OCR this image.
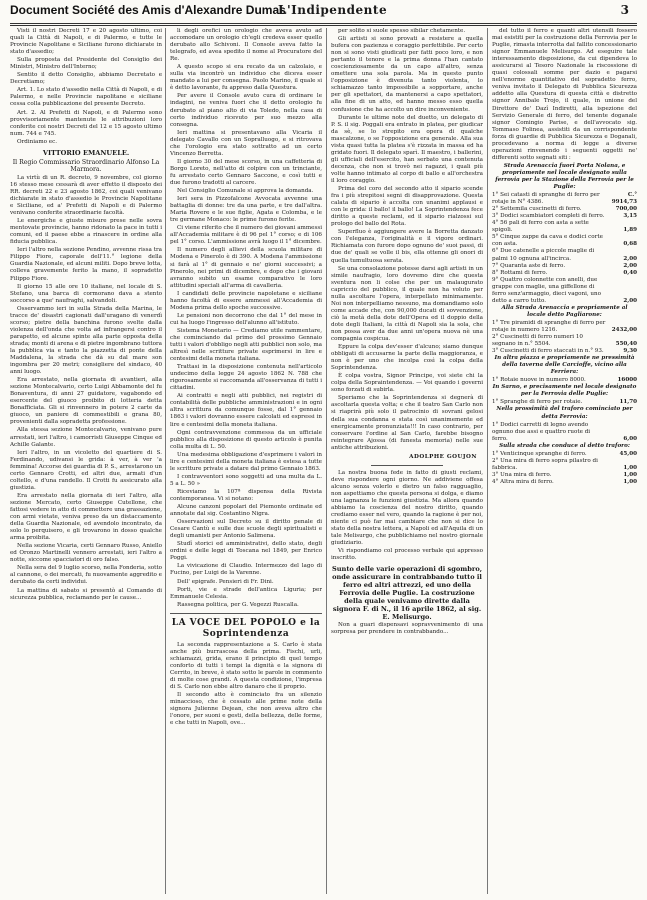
Document Société des Amis d'Alexandre Dumas
L'Indipendente	3

Visti il nostri Decreti 17 e 20 agosto ultimo, coi quali la Città di Napoli, e di Palermo, e tutte le Provincie Napolitane e Siciliane furono dichiarate in stato d'assedio;

Sulla proposta del Presidente del Consiglio dei Ministri, Ministro dell'Interno;

Sentito il detto Consiglio, abbiamo Decretato e Decretiamo;

Art. 1. Lo stato d'assedio nella Città di Napoli, e di Palermo, e nelle Provincie napolitane e siciliane cessa colla pubblicazione del presente Decreto.

Art. 2. Al Prefetti di Napoli, e di Palermo sono provvisoriamente mantenute le attribuzioni loro conferite coi nostri Decreti del 12 e 15 agosto ultimo num. 744 e 745.

Ordiniamo ec.

VITTORIO EMANUELE.

Il Regio Commissario Straordinario Alfonso La Marmora.

La virtù di un R. decreto, 9 novembre, col giorno 16 stesso mese cessarà di aver effetto il disposto dei RR. decreti 22 e 23 agosto 1862, coi quali venivano dichiarate in stato d'assedio le Provincie Napolitane e Siciliane, ed a' Prefetti di Napoli e di Palermo venivano conferite straordinarie facoltà.

Le energiche e giuste misure prese nelle sovra mentovate provincie, hanno ridonato la pace in tutti i comuni, ed il paese ebbe a rinascere in ordine alla fiducia pubblica.

Ieri l'altro nella sezione Pendino, avvenne rissa tra Filippo Fiore, caporale dell'11.° legione della Guardia Nazionale, ed alcuni militi. Dopo breve lotta, colleva gravemente ferito la mano, il sopradetto Filippo Fiore.

Il giorno 15 alle ore 10 italiane, nel locale di S. Stefano, una barca di cormorano dava a stento soccorso a que' naufraghi, salvandoli.

Osservammo ieri in sulla Strada della Marina, le tracce de' disastri cagionati dall'uragano di venerdì scorso; pietre della banchina furono svelte dalla violenza dell'onda che volta ad infrangersi contro il parapetto, ed alcune spinte alla parte opposta della strada; monti di arena e di pietre ingombrano tuttora la pubblica via e tanto la piazzetta di ponte della Maddalena, la strada che dà su dal mare son ingombra per 20 metri; consigliere del sindaco, 40 anni luogo.

Era arrestato, nella giornata di avantieri, alla sezione Montecalvario, certo Luigi Abbamonte del fu Bonaventura, di anni 27 guidatore, vagabondo ed esercente del giuoco proibito di lotteria detta Bonafficiata. Gli si rinvennero in potere 2 carte da giuoco, un paniere di commestibili e grana 80, provenienti dalla sopradetta professione.

Alla stessa sezione Montecalvario, venivano pure arrestati, ieri l'altro, i camorristi Giuseppe Cinque ed Achille Galante.

Ieri l'altro, in un vicoletto del quartiere di S. Ferdinando, udivansi le grida: à ver, à ver 'a femmina! Accorse dei guardia di P. S., arrestarono un certo Gennaro Crotti, ed altri due, armati d'un coltello, e d'una randello. Il Crotti fu assicurato alla giustizia.

Era arrestato nella giornata di ieri l'altro, alla sezione Mercato, certo Giuseppe Cutellone, che fattosi vedere in atto di commettere una grassazione, con armi vietate, veniva preso da un distaccamento della Guardia Nazionale, ed avendolo incontrato, da solo lo perquisero, e gli trovarono in dosso qualche arma proibita.

Nella sezione Vicaria, certi Gennaro Russo, Aniello ed Oronzo Martinelli vennero arrestati, ieri l'altro a notte, siccome spacciatori di oro falso.

Nella sera del 9 luglio scorso, nella Fonderia, sotto al cannone, o dei mercati, fu nuovamente aggredito e derubato da certi individui.

La mattina di sabato si presentò al Comando di sicurezza pubblica, reclamando per le cause...

li degli orefici un orologio che aveva avuto ad accomodare un orologio ch'egli credeva esser quello derubato allo Schivoni. Il Console aveva fatto la telegrafo, ed avea spedito il nome al Procuratore del Re.

A questo scopo si era recato da un calzolaio, e sulla via incontrò un individuo che diceva esser mandato a lui per consegna. Paolo Marino, il quale si è detto lavorante, fu appreso dalla Questura.

Per avere il Console avuto cura di ordinare le indagini, ne veniva fuori che il detto orologio fu derubato al piano alto di via Toledo, nella casa di certo individuo ricevuto per suo mezzo alla consegna.

Ieri mattina si presentavano alla Vicaria il delegato Cavallo con un Sopralluogo, e si ritrovava che l'orologio era stato sottratto ad un certo Vincenzo Berretta.

Il giorno 30 del mese scorso, in una caffetteria di Borgo Loreto, nell'atto di colpire con un trinciante, fu arrestato certo Gennaro Saccone, e così tutti e due furono tradotti al carcere.

Nel Consiglio Comunale si approva la domanda.

Ieri sera in Pizzofalcone Avvocata avvenne una battaglia di donne: tre da una parte, e tre dall'altra. Maria Rovere e le sue figlie, Agata e Colomba, e le tre germane Monaco: le prime furono ferite.

Ci viene riferito che il numero dei giovani ammessi all'Accademia militare è di 96 pel 1° corso; e di 106 pel 1° corso. L'ammissione avrà luogo il 1° dicembre.

Il numero degli allievi della scuola militare di Modena e Pinerolo è di 390. A Modena l'ammissione si farà al 1° di gennaio e ne' giorni successivi; a Pinerolo, nei primi di dicembre, e dopo che i giovani avranno subìto un esame comparativo le loro attitudini speciali all'arma di cavalleria.

I candidati delle provincie napoletane e siciliane hanno facoltà di essere ammessi all'Accademia di Modena prima dello spoche successive.

Le pensioni non decorrono che dal 1° del mese in cui ha luogo l'ingresso dell'alunno all'istituto.

Sistema Monetario — Crediamo utile rammentare, che cominciando dal primo del prossimo Gennaio tutti i valori d'obbligo negli atti pubblici non solo, ma altresì nelle scritture private esprimersi in lire e centesimi della moneta italiana.

Trattasi in la disposizione contenuta nell'articolo undecimo della legge 24 agosto 1862 N. 788 che rigorosamente si raccomanda all'osservanza di tutti i cittadini.

Ai contratti e negli atti pubblici, nei registri di contabilità delle pubbliche amministrazioni e in ogni altra scrittura da comunque fosse, dal 1° gennaio 1863 i valori dovranno essere calcolati ed espressi in lire e centesimi della moneta italiana.

Ogni contravvenzione commessa da un ufficiale pubblico alla disposizione di questo articolo è punita colla multa di L. 50.

Una medesima obbligazione d'esprimere i valori in lire e centesimi della moneta italiana è estesa a tutte le scritture private a datare dal primo Gennaio 1863.

I contravventori sono soggetti ad una multa da L. 5 a L. 50 »

Riceviamo la 107ª dispensa della Rivista contemporanea. Vi si notano:

Alcune canzoni popolari del Piemonte ordinate ed annotate dal sig. Costantino Nigra.

Osservazioni sul Decreto su il diritto penale di Cesare Cantù e sulle due scuole degli spiritualisti e degli umanisti per Antonio Salimena.

Studî storici ed amministrativi, dello stato, degli ordini e delle leggi di Toscana nel 1849, per Enrico Poggi.

La vivicazione di Claudio. Intermezzo del lago di Fucino, per Luigi de la Varenne.

Dell' epigrafe. Pensieri di Fr. Dini.

Porti, vie e strade dell'antica Liguria; per Emmanuele Celesia.

Rassegna politica, per G. Vegezzi Ruscalla.

LA VOCE DEL POPOLO e la Soprintendenza

La seconda rappresentazione a S. Carlo è stata anche più burrascosa della prima. Fischi, urli, schiamazzi, grida, erano il principio di quel tempo conforto di tutti i tempi la dignità e la signora di Cerrito, in breve, è stato sotto le parole in commento di molte cose grandi. A questa condizione, l'impresa di S. Carlo non ebbe altro danaro che il proprio.

Il secondo atto è cominciato fra un silenzio minaccioso, che è cessato alle prime note della signora Julienne Dejean, che non aveva altro che l'onore, per suoni e gesti, della bellezza, delle forme, e che tutti in Napoli, ove...

per solito si suole spesso sibilar chetamente.

Gli artisti si sono provati a resistere a quella bufera con pazienza e coraggio perfettibile. Per certo non si sono visti giudicati per fatti poco loro, e non pertanto il tenore e la prima donna l'han cantato coscienziosamente da un capo all'altro, senza omettere una sola parola. Ma in questo punto l'opposizione è divenuta tanto violenta, lo schiamazzo tanto impossibile a sopportare, anche per gli spettatori, da mantenersi a capo spettatori, alla fine di un atto, ed hanno messo esso quella confusione che ha accolto un dire inconveniente.

Durante le ultime note del duetto, un delegato di P. S. il sig. Poggali era entrato in platea, per giudicar da sè, se lo strepito era opera di qualche mascalzone, o se l'opposizione era generale. Alla sua vista quasi tutta la platea s'è rizzata in massa ed ha gridato fuori. Il delegato sparì. Il maestro, i ballerini, gli ufficiali dell'esercito, han serbato una contenuta decenza, che non si trovò nei ragazzi, i quali più volte hanno intimato al corpo di ballo e all'orchestra il loro coraggio.

Prima del coro del secondo atto il sipario scende fra i più strepitosi segni di disapprovazione. Questa calata di sipario è accolta con unanimi applausi e con le grida: il ballo! il ballo! La Soprintendenza fece diritto a queste reclami, ed il sipario rialzossi sul prologo del ballo del Rota.

Superfluo è aggiungere avere la Borretta danzato con l'eleganza, l'originalità e il vigore ordinari. Richiamata con furore dopo ognuno de' suoi passi, di due de' quali se volle il bis, ella ottenne gli onori di quella tumultuosa serata.

Se una consolazione potesse darsi agli artisti in un simile naufragio, loro dovremo dire che questa sventura non li colse che per un malaugurato capriccio del pubblico, il quale non ha voluto per nulla ascoltare l'opera, interpellato minimamente. Noi non interpelliamo nessuno, ma domandiamo solo come accade che, con 90,000 ducati di sovvenzione, ciò la metà della dote dell'Opera ed il doppio della dote degli Italiani, la città di Napoli sia la sola, che non possa aver da due anni un'opera nuova nè una compagnia cospicua.

Eppure la colpa dev'esser d'alcuno; siamo dunque obbligati di accusarne la parte della maggioranza, e non è per uno che incolpa così la colpa della Soprintendenza.

È colpa vostra, Signor Principe, voi siete chi la colpa della Sopraintendenza. — Voi quando i governi sono forzati di subirla.

Speriamo che la Soprintendenza si degnerà di ascoltarla questa volta; e che il teatro San Carlo non si riaprirà più solo il patrocinio di sovrani gelosi della sua condanna e stata così unanimemente ed energicamente pronunziata!!! In caso contrario, per conservare l'ordine al San Carlo, farebbe bisogno reintegrare Ajossa (di funesta memoria) nelle sue antiche attribuzioni.

ADOLPHE GOUJON

La nostra buona fede in fatto di giusti reclami, deve rispondere ogni giorno. Ne addiviene offesa alcuno senza volerlo e dietro un falso ragguaglio, non aspettiamo che questa persona si dolga, e diamo una lagnanza le funzioni giustizia. Ma allora quando abbiamo la coscienza del nostro diritto, quando crediamo esser nel vero, quando la ragione è per noi, niente ci può far mai cambiare che non si dice lo stato della nostra lettera, a Napoli ed all'Aquila di un tale Melisurgo, che pubblichiamo nel nostro giornale giudiziario.

Vi rispondiamo col processo verbale qui appresso inscritto.

Sunto delle varie operazioni di sgombro, onde assicurare in contrabbando tutto il ferro ed altri attrezzi, ed uno della Ferrovia delle Puglie. La costruzione della quale venivamo dirette dalla signora F. di N., il 16 aprile 1862, al sig. E. Melisurgo.

Non a guari dispensavi sopravvenimento di una sorpresa per prendere in contrabbando...

del tutto il ferro e quanti altri utensili fossero mai esistiti per la costruzione della Ferrovia per le Puglie, rimasta interrotta dal fallito concessionario signor Emmanuele Melisurgo. Ad eseguire tale interessamento disposizione, da cui dipendeva lo assicurarsi al Tesoro Nazionale la riscossione di quasi colossali somme per dazio e pagarsi nell'enorme quantitativo del sopradetto ferro, veniva invitato il Delegato di Pubblica Sicurezza addetto alla Questura di questa città e distretto signor Annibale Trojo, il quale, in unione del Direttore de' Dazî Indiretti, alla ispezione del Servizio Generale di ferro, del tenente doganale signor Comingio Parise, e dell'avvocato sig. Tommaso Folinea, assistiti da un corrispondente forza di guardie di Pubblica Sicurezza e Doganali, procedevano a norma di legge a diverse operazioni rinvenendo i seguenti oggetti ne' differenti sotto segnati siti :

Strada Arenaccia fuori Porta Nolana, e propriamente nel locale designato sulla ferrovia per la Stazione della Ferrovia per le Puglie:

1° Sei catasti di spranghe di ferro per rotaje in N° 4386.
C.° 9914,73
2° Settemila cuscinetti di ferro.	700,00
3° Dodici scambiatori completi di ferro.	3,15
4° 56 pali di ferro con asta a sette spigoli.	1,89
5° Cinque zappe da cava e dodici corte con asta.	0,68
6° Due catenelle a piccole maglie di palmi 10 ognuna all'incirca.	2,00
7° Quaranta aste di ferro.	2,00
8° Rottami di ferro.	0,40
9° Quattro colonnette con anelli, due grappe con maglie, una giffellone di ferro senz'armaggio, dieci vagoni, uno detto a carro tutto.	2,00

Alla Strada Arenaccia e propriamente al locale detto Pagliarone:

1° Tre piramidi di spranghe di ferro per rotaje in numero 1216.	2432,00
2° Cuscinetti di ferro numeri 10 segnano in n.° 5504.	550,40
3° Cuscinetti di ferro staccati in n.° 93.	9,30

In altra piazza e propriamente ne pressimità della taverna delle Carcioffe, vicino alla Ferriera:

1° Rotaie nuove in numero 8000.	16000

In Sarno, e precisamente nel locale designato per la Ferrovia delle Puglie:

1° Spranghe di ferro per rotaie.	11,70

Nella prossimità del traforo cominciato per detta Ferrovia:

1° Dodici carretti di legno avendo ognuno due assi e quattro ruote di ferro.	6,00

Sulla strada che conduce al detto traforo:

1° Venticinque spranghe di ferro.	45,00
2° Una mira di ferro sopra pilastro di fabbrica.	1,00
3° Una mira di ferro.	1,00
4° Altra mira di ferro.	1,00
